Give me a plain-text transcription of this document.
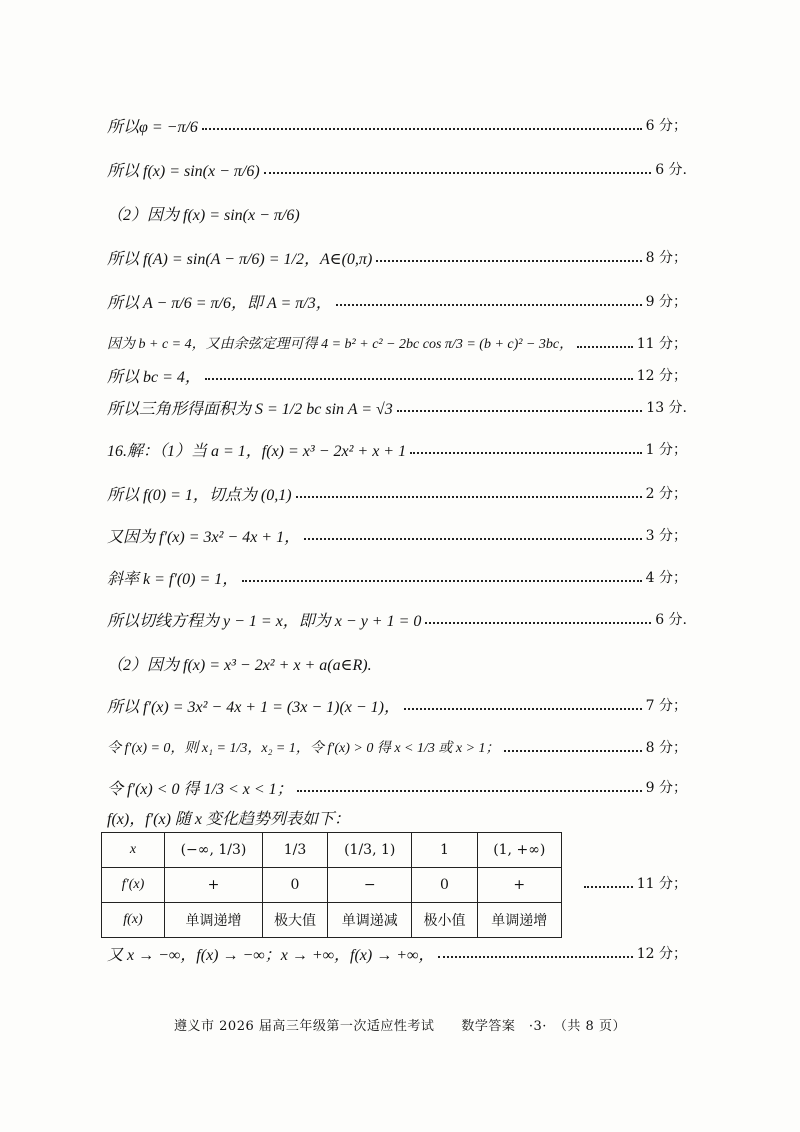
所以φ = −π/6	6 分；
所以 f(x) = sin(x − π/6)	6 分.
（2）因为 f(x) = sin(x − π/6)
所以 f(A) = sin(A − π/6) = 1/2，A∈(0,π)	8 分；
所以 A − π/6 = π/6，即 A = π/3，	9 分；
因为 b + c = 4，又由余弦定理可得 4 = b² + c² − 2bc cos π/3 = (b + c)² − 3bc，	11 分；
所以 bc = 4，	12 分；
所以三角形得面积为 S = 1/2 bc sin A = √3	13 分.
16.解：（1）当 a = 1，f(x) = x³ − 2x² + x + 1	1 分；
所以 f(0) = 1，切点为 (0,1)	2 分；
又因为 f′(x) = 3x² − 4x + 1，	3 分；
斜率 k = f′(0) = 1，	4 分；
所以切线方程为 y − 1 = x，即为 x − y + 1 = 0	6 分.
（2）因为 f(x) = x³ − 2x² + x + a(a∈R).
所以 f′(x) = 3x² − 4x + 1 = (3x − 1)(x − 1)，	7 分；
令 f′(x) = 0，则 x₁ = 1/3，x₂ = 1，令 f′(x) > 0 得 x < 1/3 或 x > 1；	8 分；
令 f′(x) < 0 得 1/3 < x < 1；	9 分；
f(x)，f′(x) 随 x 变化趋势列表如下：
x	(−∞, 1/3)	1/3	(1/3, 1)	1	(1, +∞)
f′(x)	+	0	−	0	+
f(x)	单调递增	极大值	单调递减	极小值	单调递增
11 分；
又 x → −∞，f(x) → −∞；x → +∞，f(x) → +∞，	12 分；
遵义市 2026 届高三年级第一次适应性考试　　数学答案　·3·　（共 8 页）
